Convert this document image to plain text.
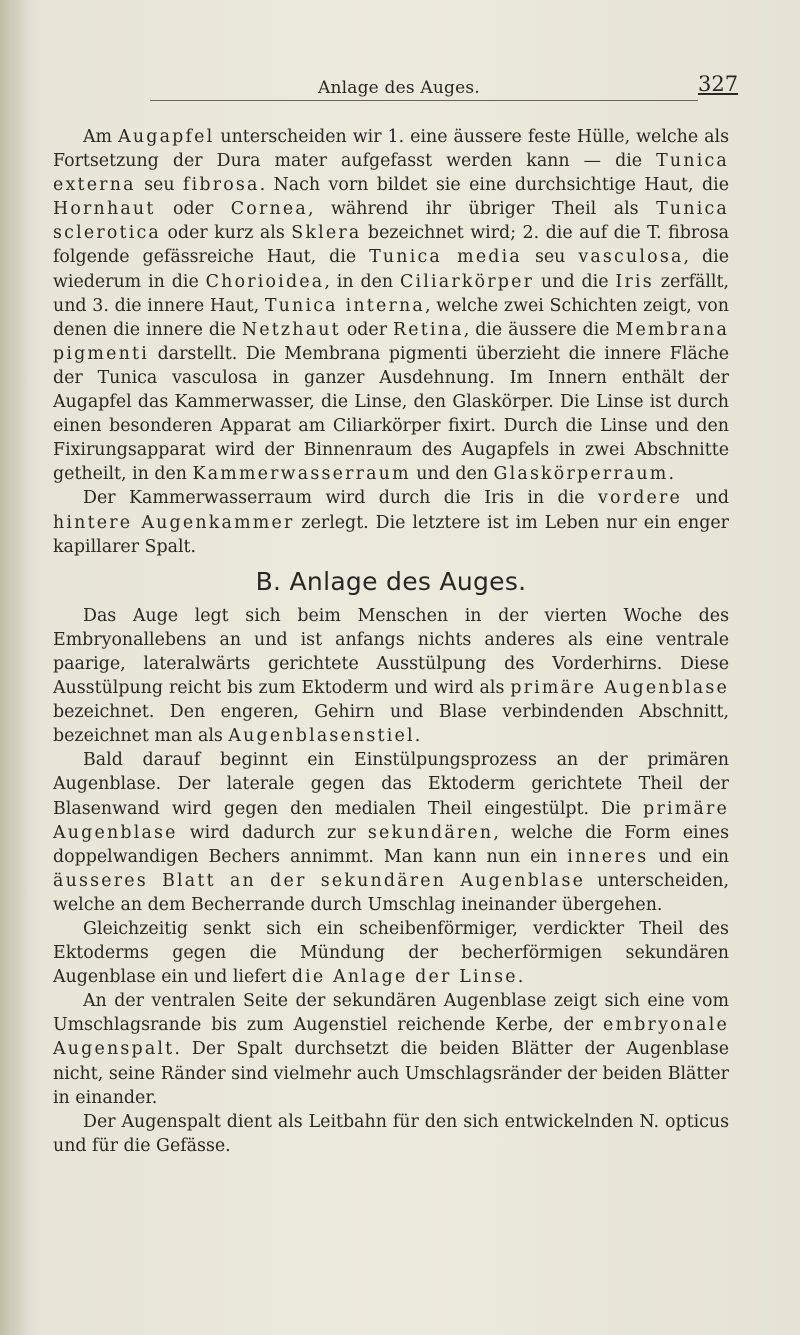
Anlage des Auges.	327

Am Augapfel unterscheiden wir 1. eine äussere feste Hülle, welche als Fortsetzung der Dura mater aufgefasst werden kann — die Tunica externa seu fibrosa. Nach vorn bildet sie eine durchsichtige Haut, die Hornhaut oder Cornea, während ihr übriger Theil als Tunica sclerotica oder kurz als Sklera bezeichnet wird; 2. die auf die T. fibrosa folgende gefässreiche Haut, die Tunica media seu vasculosa, die wiederum in die Chorioidea, in den Ciliarkörper und die Iris zerfällt, und 3. die innere Haut, Tunica interna, welche zwei Schichten zeigt, von denen die innere die Netzhaut oder Retina, die äussere die Membrana pigmenti darstellt. Die Membrana pigmenti überzieht die innere Fläche der Tunica vasculosa in ganzer Ausdehnung. Im Innern enthält der Augapfel das Kammerwasser, die Linse, den Glaskörper. Die Linse ist durch einen besonderen Apparat am Ciliarkörper fixirt. Durch die Linse und den Fixirungsapparat wird der Binnenraum des Augapfels in zwei Abschnitte getheilt, in den Kammerwasserraum und den Glaskörperraum.

Der Kammerwasserraum wird durch die Iris in die vordere und hintere Augenkammer zerlegt. Die letztere ist im Leben nur ein enger kapillarer Spalt.

B. Anlage des Auges.

Das Auge legt sich beim Menschen in der vierten Woche des Embryonallebens an und ist anfangs nichts anderes als eine ventrale paarige, lateralwärts gerichtete Ausstülpung des Vorderhirns. Diese Ausstülpung reicht bis zum Ektoderm und wird als primäre Augenblase bezeichnet. Den engeren, Gehirn und Blase verbindenden Abschnitt, bezeichnet man als Augenblasenstiel.

Bald darauf beginnt ein Einstülpungsprozess an der primären Augenblase. Der laterale gegen das Ektoderm gerichtete Theil der Blasenwand wird gegen den medialen Theil eingestülpt. Die primäre Augenblase wird dadurch zur sekundären, welche die Form eines doppelwandigen Bechers annimmt. Man kann nun ein inneres und ein äusseres Blatt an der sekundären Augenblase unterscheiden, welche an dem Becherrande durch Umschlag ineinander übergehen.

Gleichzeitig senkt sich ein scheibenförmiger, verdickter Theil des Ektoderms gegen die Mündung der becherförmigen sekundären Augenblase ein und liefert die Anlage der Linse.

An der ventralen Seite der sekundären Augenblase zeigt sich eine vom Umschlagsrande bis zum Augenstiel reichende Kerbe, der embryonale Augenspalt. Der Spalt durchsetzt die beiden Blätter der Augenblase nicht, seine Ränder sind vielmehr auch Umschlagsränder der beiden Blätter in einander.

Der Augenspalt dient als Leitbahn für den sich entwickelnden N. opticus und für die Gefässe.
